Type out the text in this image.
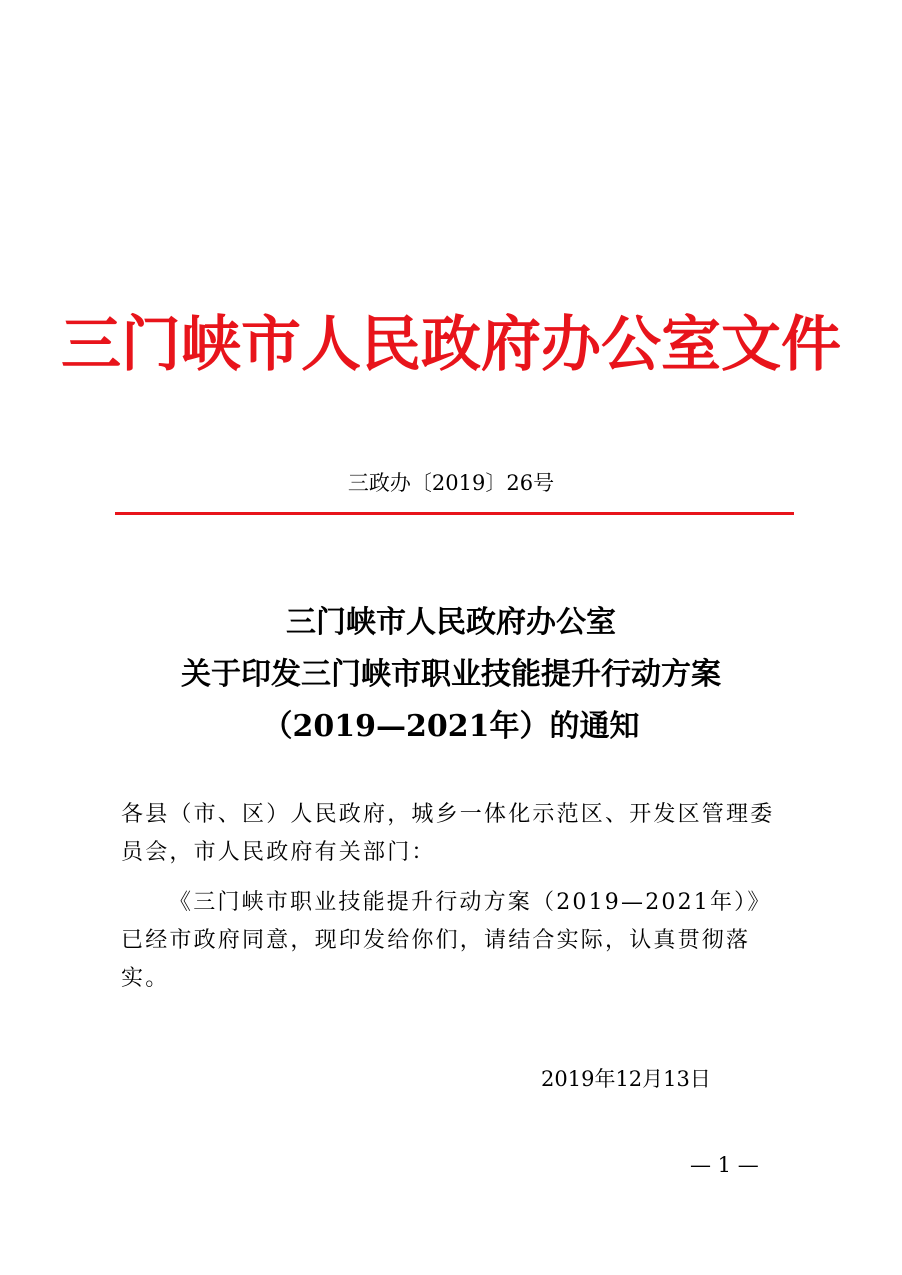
三门峡市人民政府办公室文件
三政办〔2019〕26号
三门峡市人民政府办公室
关于印发三门峡市职业技能提升行动方案
（2019—2021年）的通知
各县（市、区）人民政府，城乡一体化示范区、开发区管理委员会，市人民政府有关部门：
《三门峡市职业技能提升行动方案（2019—2021年）》已经市政府同意，现印发给你们，请结合实际，认真贯彻落实。
2019年12月13日
— 1 —
